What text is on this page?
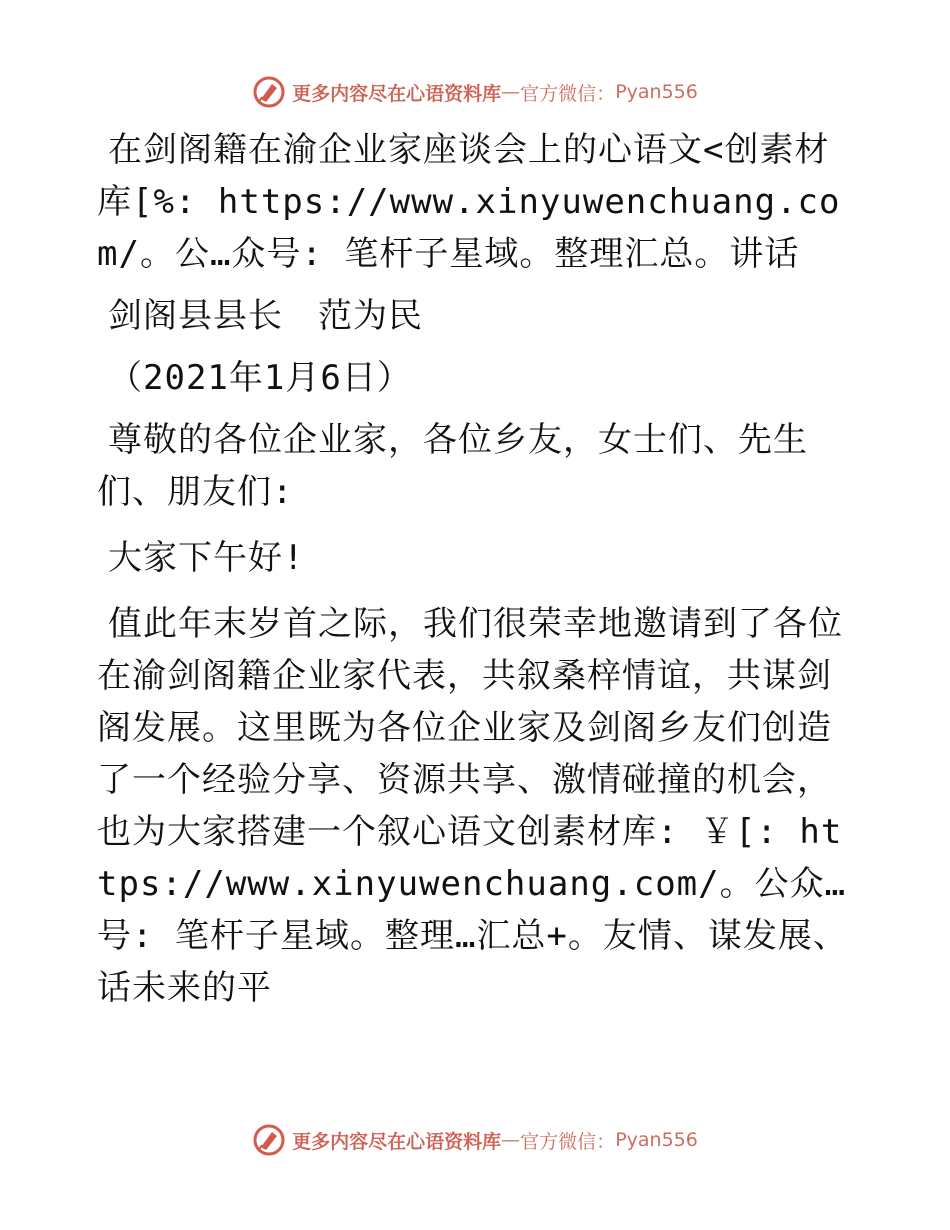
更多内容尽在心语资料库 — 官方微信： Pyan556

在剑阁籍在渝企业家座谈会上的心语文<创素材库[%: https://www.xinyuwenchuang.com/。公…众号: 笔杆子星域。整理汇总。讲话

剑阁县县长　范为民

（2021年1月6日）

尊敬的各位企业家，各位乡友，女士们、先生们、朋友们:

大家下午好!

值此年末岁首之际，我们很荣幸地邀请到了各位在渝剑阁籍企业家代表，共叙桑梓情谊，共谋剑阁发展。这里既为各位企业家及剑阁乡友们创造了一个经验分享、资源共享、激情碰撞的机会，也为大家搭建一个叙心语文创素材库: ￥[: https://www.xinyuwenchuang.com/。公众…号: 笔杆子星域。整理…汇总+。友情、谋发展、话未来的平

更多内容尽在心语资料库 — 官方微信： Pyan556
